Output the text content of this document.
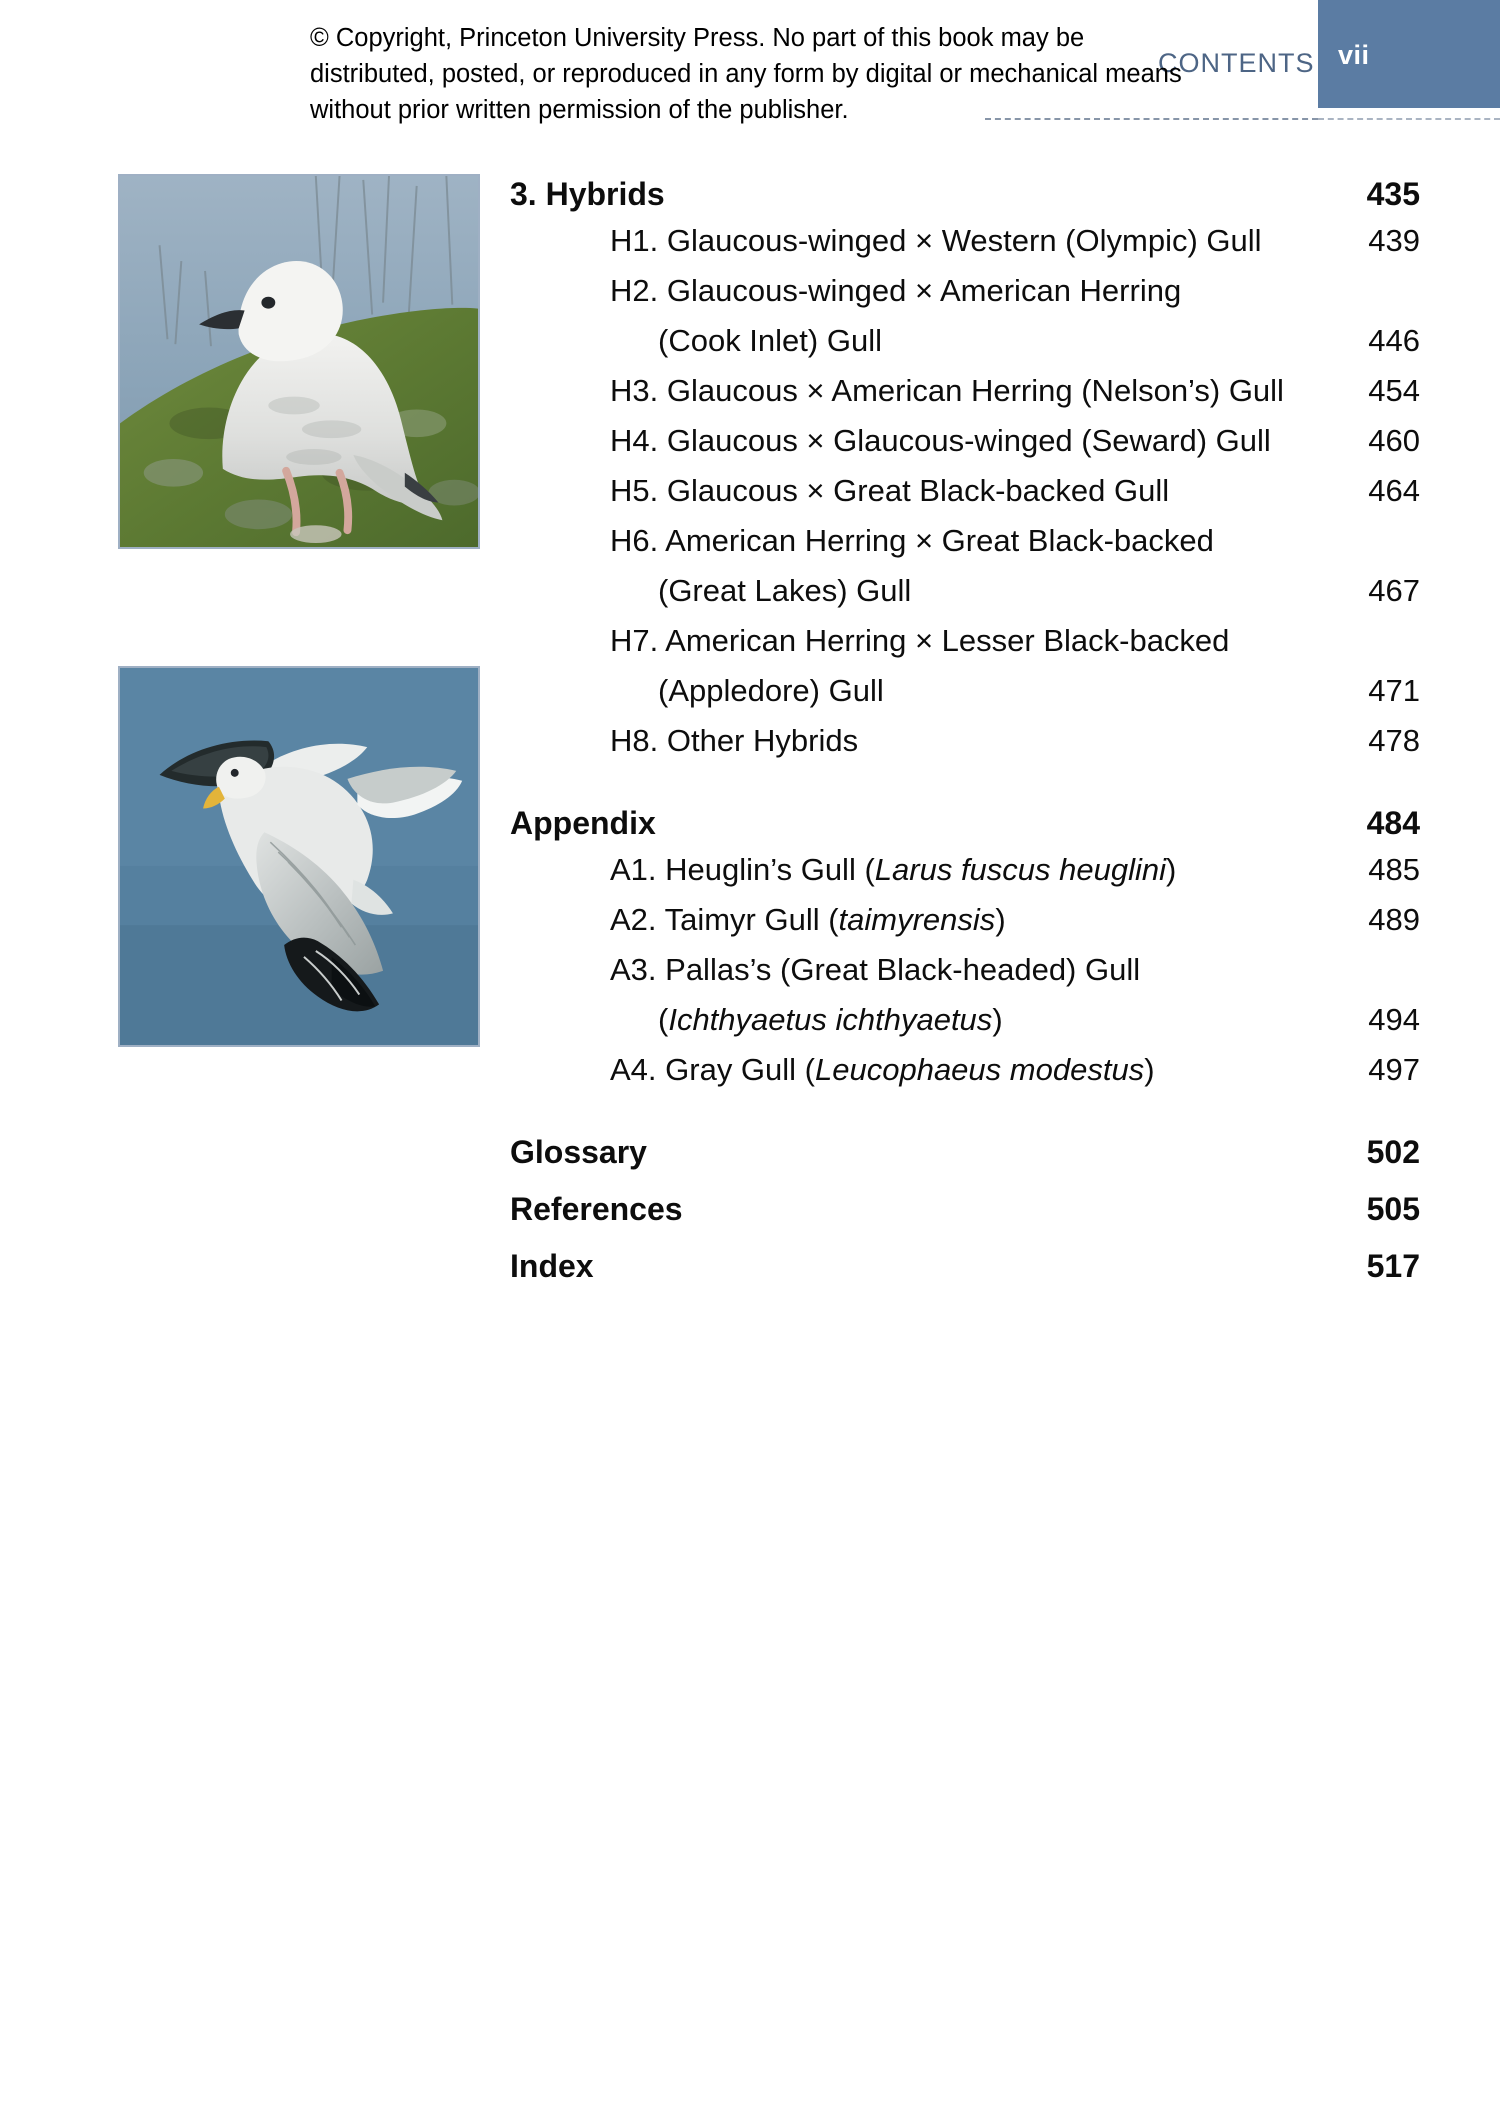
CONTENTS vii
© Copyright, Princeton University Press. No part of this book may be distributed, posted, or reproduced in any form by digital or mechanical means without prior written permission of the publisher.
3. Hybrids	435
H1. Glaucous-winged × Western (Olympic) Gull	439
H2. Glaucous-winged × American Herring
(Cook Inlet) Gull	446
H3. Glaucous × American Herring (Nelson’s) Gull	454
H4. Glaucous × Glaucous-winged (Seward) Gull	460
H5. Glaucous × Great Black-backed Gull	464
H6. American Herring × Great Black-backed
(Great Lakes) Gull	467
H7. American Herring × Lesser Black-backed
(Appledore) Gull	471
H8. Other Hybrids	478
Appendix	484
A1. Heuglin’s Gull (Larus fuscus heuglini)	485
A2. Taimyr Gull (taimyrensis)	489
A3. Pallas’s (Great Black-headed) Gull
(Ichthyaetus ichthyaetus)	494
A4. Gray Gull (Leucophaeus modestus)	497
Glossary	502
References	505
Index	517
